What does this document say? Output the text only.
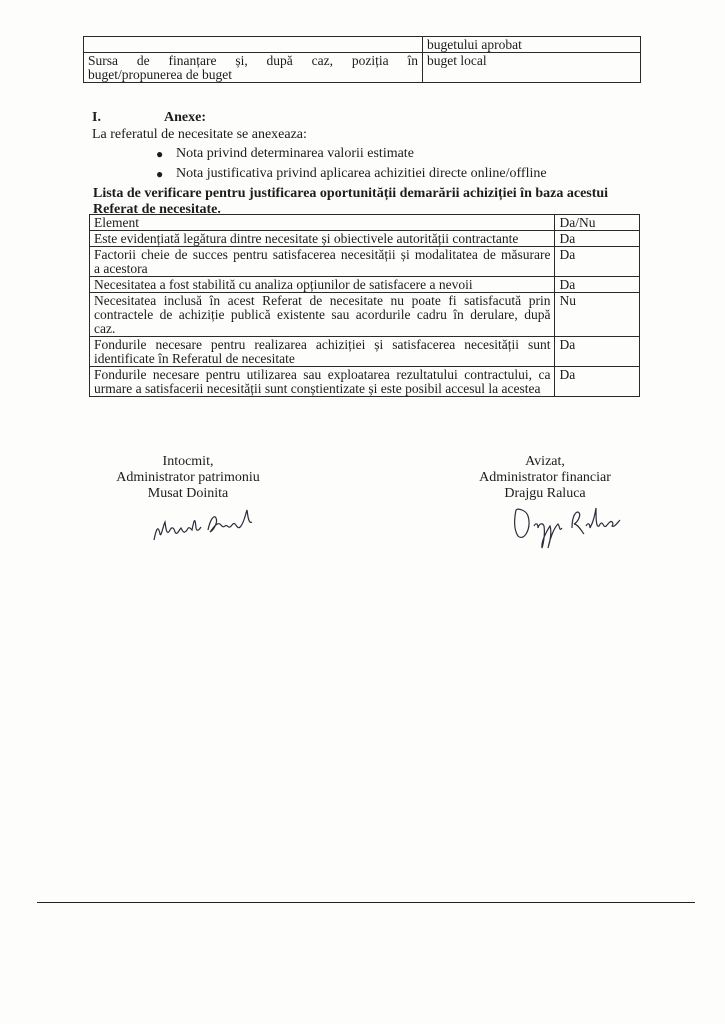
	bugetului aprobat

Sursa de finanțare și, după caz, poziția în
buget/propunerea de buget	buget local
I.	Anexe:
La referatul de necesitate se anexeaza:
● Nota privind determinarea valorii estimate
● Nota justificativa privind aplicarea achizitiei directe online/offline
Lista de verificare pentru justificarea oportunității demarării achiziției în baza acestui Referat de necesitate.
Element	Da/Nu
Este evidențiată legătura dintre necesitate și obiectivele autorității contractante	Da

Factorii cheie de succes pentru satisfacerea necesității și modalitatea de măsurare
a acestora	Da
Necesitatea a fost stabilită cu analiza opțiunilor de satisfacere a nevoii	Da

Necesitatea inclusă în acest Referat de necesitate nu poate fi satisfacută prin
contractele de achiziție publică existente sau acordurile cadru în derulare, după
caz.	Nu

Fondurile necesare pentru realizarea achiziției și satisfacerea necesității sunt
identificate în Referatul de necesitate	Da

Fondurile necesare pentru utilizarea sau exploatarea rezultatului contractului, ca
urmare a satisfacerii necesității sunt conștientizate și este posibil accesul la acestea	Da
Intocmit,
Administrator patrimoniu
Musat Doinita
Avizat,
Administrator financiar
Drajgu Raluca
